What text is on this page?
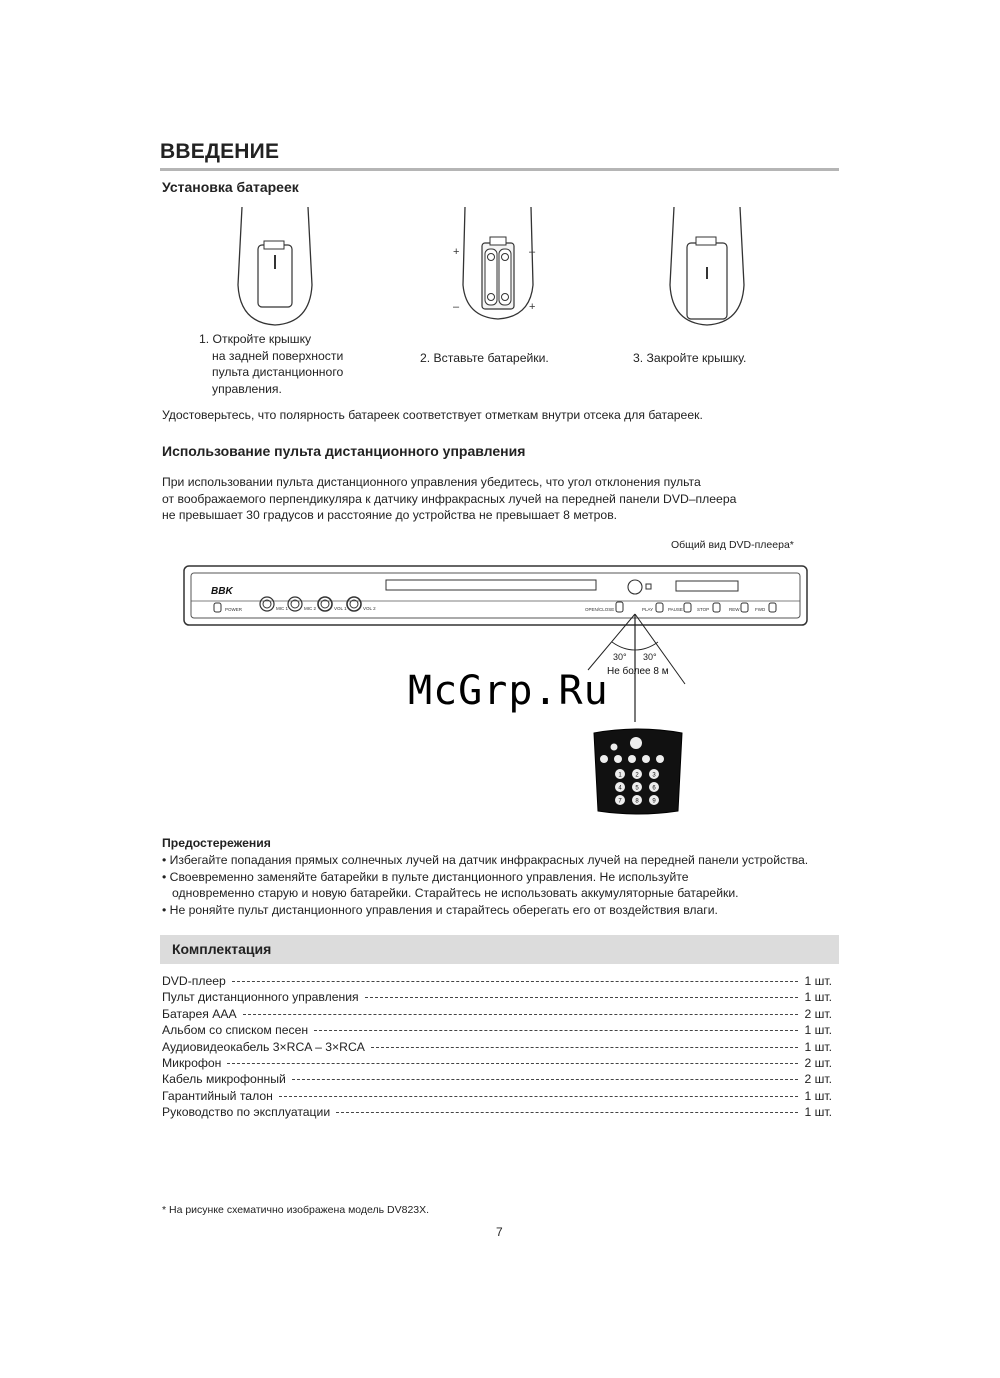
ВВЕДЕНИЕ
Установка батареек
+	–
–	+
1. Откройте крышку
на задней поверхности
пульта дистанционного
управления.
2. Вставьте батарейки.	3. Закройте крышку.
Удостоверьтесь, что полярность батареек соответствует отметкам внутри отсека для батареек.
Использование пульта дистанционного управления
При использовании пульта дистанционного управления убедитесь, что угол отклонения пульта
от воображаемого перпендикуляра к датчику инфракрасных лучей на передней панели DVD–плеера
не превышает 30 градусов и расстояние до устройства не превышает 8 метров.
Общий вид DVD-плеера*
BBK
POWER	MIC 1	MIC 2	VOL 1	VOL 2	OPEN/CLOSE	PLAY	PAUSE	STOP	REW	FWD
30° 30°
Не более 8 м
1 2 3
4 5 6
7 8 9
McGrp.Ru
Предостережения
• Избегайте попадания прямых солнечных лучей на датчик инфракрасных лучей на передней панели устройства.
• Своевременно заменяйте батарейки в пульте дистанционного управления. Не используйте
одновременно старую и новую батарейки. Старайтесь не использовать аккумуляторные батарейки.
• Не роняйте пульт дистанционного управления и старайтесь оберегать его от воздействия влаги.
Комплектация
DVD-плеер	1 шт.
Пульт дистанционного управления	1 шт.
Батарея ААА	2 шт.
Альбом со списком песен	1 шт.
Аудиовидеокабель 3×RCA – 3×RCA	1 шт.
Микрофон	2 шт.
Кабель микрофонный	2 шт.
Гарантийный талон	1 шт.
Руководство по эксплуатации	1 шт.
* На рисунке схематично изображена модель DV823X.
7
